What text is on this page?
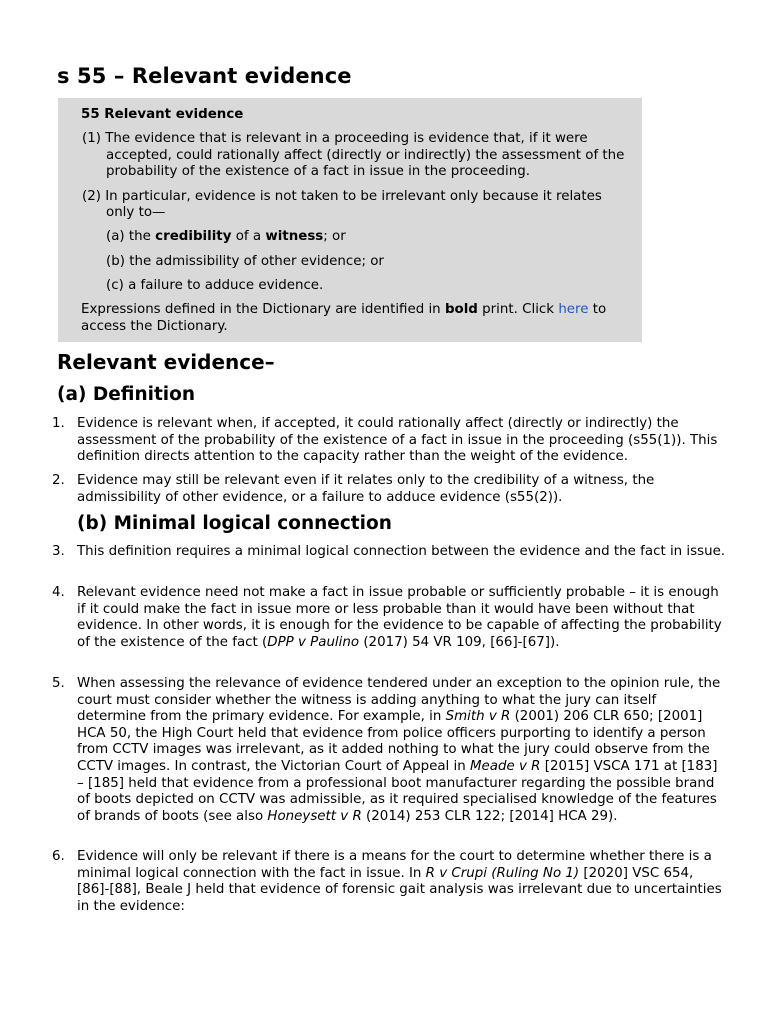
s 55 – Relevant evidence
55 Relevant evidence
(1) The evidence that is relevant in a proceeding is evidence that, if it were
accepted, could rationally affect (directly or indirectly) the assessment of the
probability of the existence of a fact in issue in the proceeding.
(2) In particular, evidence is not taken to be irrelevant only because it relates
only to—
(a) the credibility of a witness; or
(b) the admissibility of other evidence; or
(c) a failure to adduce evidence.
Expressions defined in the Dictionary are identified in bold print. Click here to
access the Dictionary.
Relevant evidence–
(a) Definition
1. Evidence is relevant when, if accepted, it could rationally affect (directly or indirectly) the assessment of the probability of the existence of a fact in issue in the proceeding (s55(1)). This definition directs attention to the capacity rather than the weight of the evidence.
2. Evidence may still be relevant even if it relates only to the credibility of a witness, the admissibility of other evidence, or a failure to adduce evidence (s55(2)).
(b) Minimal logical connection
3. This definition requires a minimal logical connection between the evidence and the fact in issue.
4. Relevant evidence need not make a fact in issue probable or sufficiently probable – it is enough if it could make the fact in issue more or less probable than it would have been without that evidence. In other words, it is enough for the evidence to be capable of affecting the probability of the existence of the fact (DPP v Paulino (2017) 54 VR 109, [66]-[67]).
5. When assessing the relevance of evidence tendered under an exception to the opinion rule, the court must consider whether the witness is adding anything to what the jury can itself determine from the primary evidence. For example, in Smith v R (2001) 206 CLR 650; [2001] HCA 50, the High Court held that evidence from police officers purporting to identify a person from CCTV images was irrelevant, as it added nothing to what the jury could observe from the CCTV images. In contrast, the Victorian Court of Appeal in Meade v R [2015] VSCA 171 at [183] – [185] held that evidence from a professional boot manufacturer regarding the possible brand of boots depicted on CCTV was admissible, as it required specialised knowledge of the features of brands of boots (see also Honeysett v R (2014) 253 CLR 122; [2014] HCA 29).
6. Evidence will only be relevant if there is a means for the court to determine whether there is a minimal logical connection with the fact in issue. In R v Crupi (Ruling No 1) [2020] VSC 654, [86]-[88], Beale J held that evidence of forensic gait analysis was irrelevant due to uncertainties in the evidence:
